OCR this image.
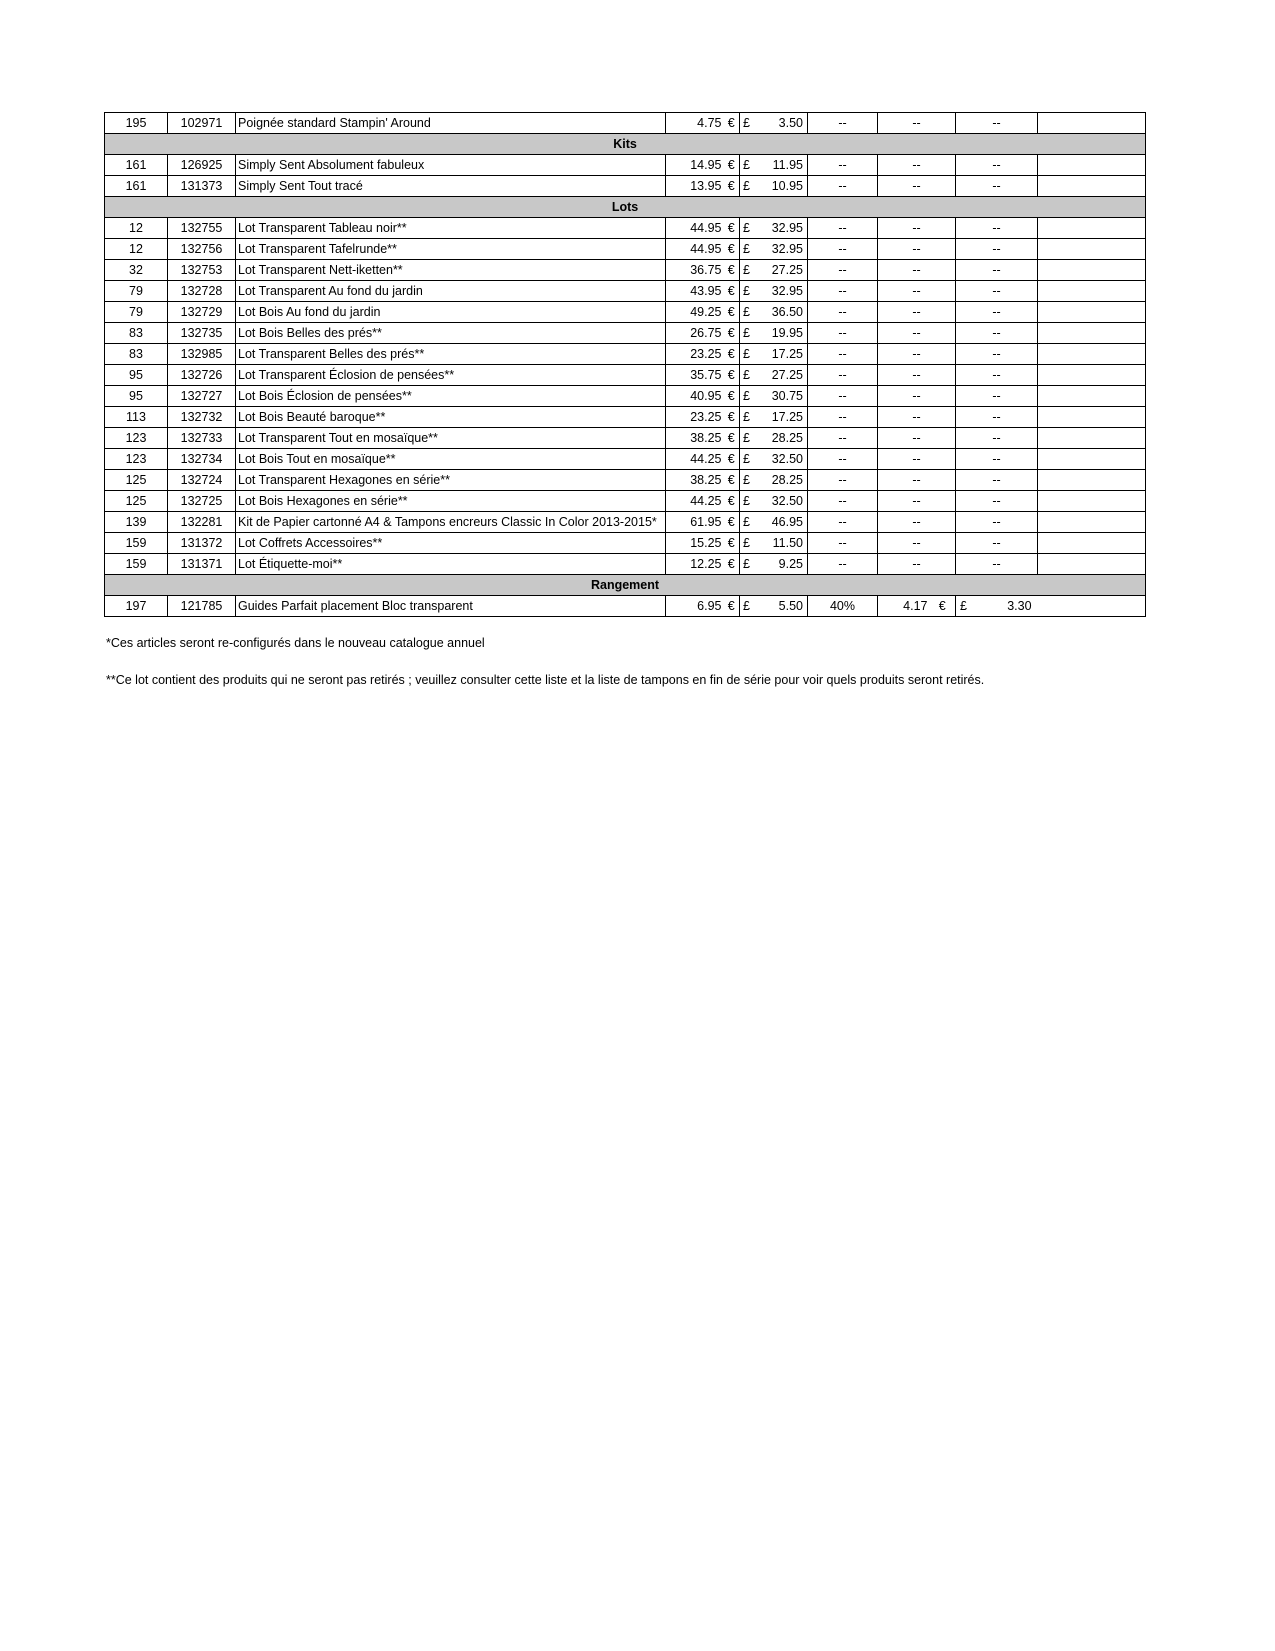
195	102971	Poignée standard Stampin' Around	4.75	€	£	3.50	--	--		--		
Kits												
161	126925	Simply Sent Absolument fabuleux	14.95	€	£	11.95	--	--		--		
161	131373	Simply Sent Tout tracé	13.95	€	£	10.95	--	--		--		
Lots												
12	132755	Lot Transparent Tableau noir**	44.95	€	£	32.95	--	--		--		
12	132756	Lot Transparent Tafelrunde**	44.95	€	£	32.95	--	--		--		
32	132753	Lot Transparent Nett-iketten**	36.75	€	£	27.25	--	--		--		
79	132728	Lot Transparent Au fond du jardin	43.95	€	£	32.95	--	--		--		
79	132729	Lot Bois Au fond du jardin	49.25	€	£	36.50	--	--		--		
83	132735	Lot Bois Belles des prés**	26.75	€	£	19.95	--	--		--		
83	132985	Lot Transparent Belles des prés**	23.25	€	£	17.25	--	--		--		
95	132726	Lot Transparent Éclosion de pensées**	35.75	€	£	27.25	--	--		--		
95	132727	Lot Bois Éclosion de pensées**	40.95	€	£	30.75	--	--		--		
113	132732	Lot Bois Beauté baroque**	23.25	€	£	17.25	--	--		--		
123	132733	Lot Transparent Tout en mosaïque**	38.25	€	£	28.25	--	--		--		
123	132734	Lot Bois Tout en mosaïque**	44.25	€	£	32.50	--	--		--		
125	132724	Lot Transparent Hexagones en série**	38.25	€	£	28.25	--	--		--		
125	132725	Lot Bois Hexagones en série**	44.25	€	£	32.50	--	--		--		
139	132281	Kit de Papier cartonné A4 & Tampons encreurs Classic In Color 2013-2015*	61.95	€	£	46.95	--	--		--		
159	131372	Lot Coffrets Accessoires**	15.25	€	£	11.50	--	--		--		
159	131371	Lot Étiquette-moi**	12.25	€	£	9.25	--	--		--		
Rangement												
197	121785	Guides Parfait placement Bloc transparent	6.95	€	£	5.50	40%	4.17	€	£	3.30	
*Ces articles seront re-configurés dans le nouveau catalogue annuel
**Ce lot contient des produits qui ne seront pas retirés ; veuillez consulter cette liste et la liste de tampons en fin de série pour voir quels produits seront retirés.
